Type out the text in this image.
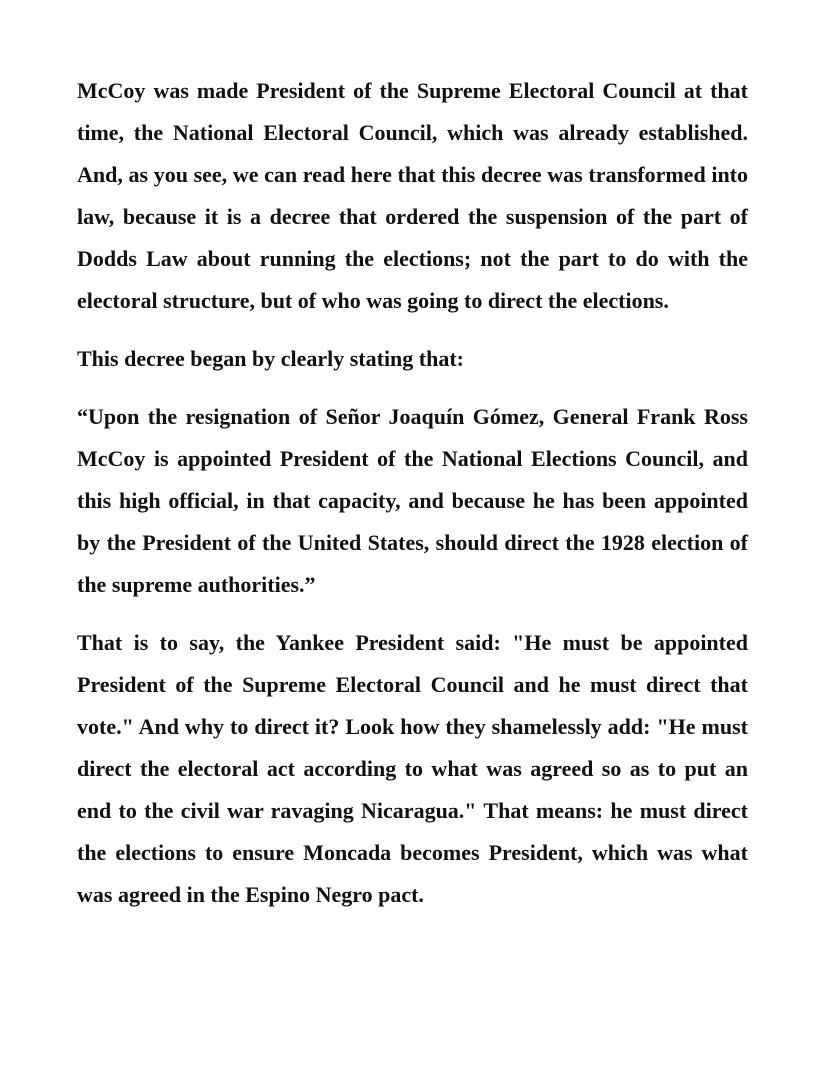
McCoy was made President of the Supreme Electoral Council at that time, the National Electoral Council, which was already established. And, as you see, we can read here that this decree was transformed into law, because it is a decree that ordered the suspension of the part of Dodds Law about running the elections; not the part to do with the electoral structure, but of who was going to direct the elections.

This decree began by clearly stating that:

“Upon the resignation of Señor Joaquín Gómez, General Frank Ross McCoy is appointed President of the National Elections Council, and this high official, in that capacity, and because he has been appointed by the President of the United States, should direct the 1928 election of the supreme authorities.”

That is to say, the Yankee President said: "He must be appointed President of the Supreme Electoral Council and he must direct that vote." And why to direct it? Look how they shamelessly add: "He must direct the electoral act according to what was agreed so as to put an end to the civil war ravaging Nicaragua." That means: he must direct the elections to ensure Moncada becomes President, which was what was agreed in the Espino Negro pact.
